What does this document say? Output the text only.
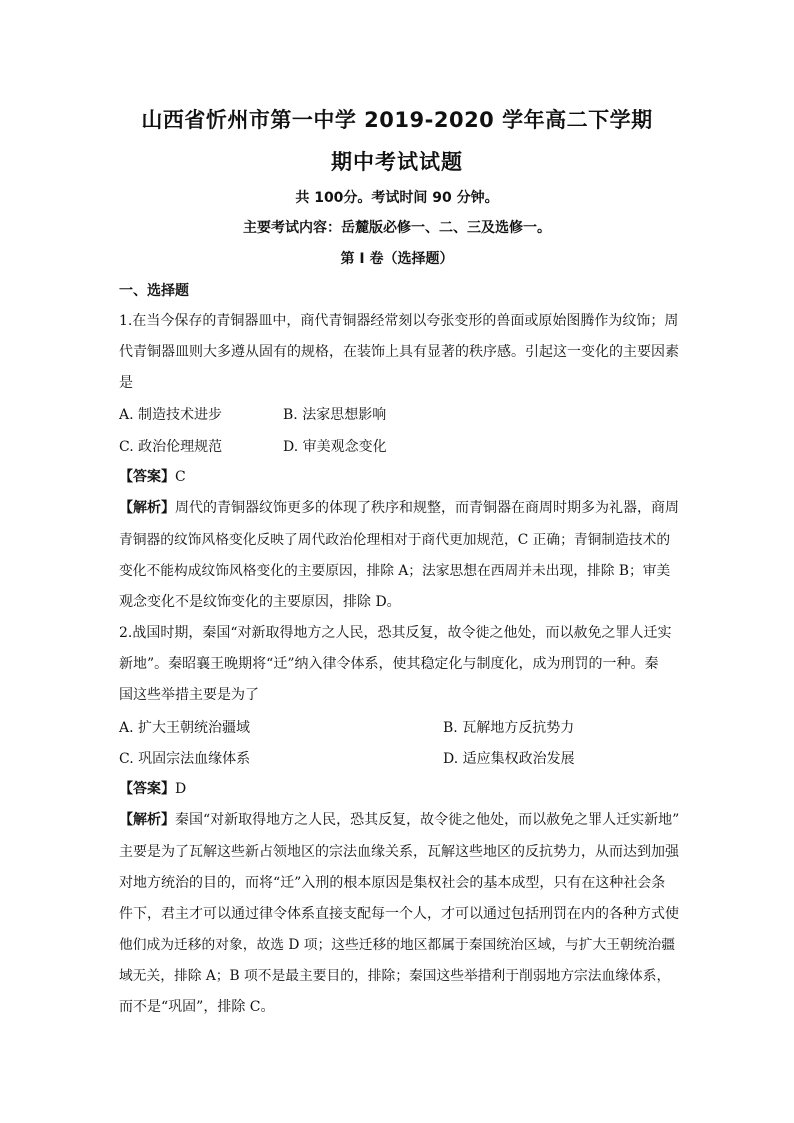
山西省忻州市第一中学 2019-2020 学年高二下学期
期中考试试题
共 100分。考试时间 90 分钟。
主要考试内容：岳麓版必修一、二、三及选修一。
第 I 卷（选择题）
一、选择题
1.在当今保存的青铜器皿中，商代青铜器经常刻以夸张变形的兽面或原始图腾作为纹饰；周
代青铜器皿则大多遵从固有的规格，在装饰上具有显著的秩序感。引起这一变化的主要因素
是
A. 制造技术进步	B. 法家思想影响
C. 政治伦理规范	D. 审美观念变化
【答案】C
【解析】周代的青铜器纹饰更多的体现了秩序和规整，而青铜器在商周时期多为礼器，商周
青铜器的纹饰风格变化反映了周代政治伦理相对于商代更加规范，C 正确；青铜制造技术的
变化不能构成纹饰风格变化的主要原因，排除 A；法家思想在西周并未出现，排除 B；审美
观念变化不是纹饰变化的主要原因，排除 D。
2.战国时期，秦国“对新取得地方之人民，恐其反复，故令徙之他处，而以赦免之罪人迁实
新地”。秦昭襄王晚期将“迁”纳入律令体系，使其稳定化与制度化，成为刑罚的一种。秦
国这些举措主要是为了
A. 扩大王朝统治疆域	B. 瓦解地方反抗势力
C. 巩固宗法血缘体系	D. 适应集权政治发展
【答案】D
【解析】秦国“对新取得地方之人民，恐其反复，故令徙之他处，而以赦免之罪人迁实新地”
主要是为了瓦解这些新占领地区的宗法血缘关系，瓦解这些地区的反抗势力，从而达到加强
对地方统治的目的，而将“迁”入刑的根本原因是集权社会的基本成型，只有在这种社会条
件下，君主才可以通过律令体系直接支配每一个人，才可以通过包括刑罚在内的各种方式使
他们成为迁移的对象，故选 D 项；这些迁移的地区都属于秦国统治区域，与扩大王朝统治疆
域无关，排除 A；B 项不是最主要目的，排除；秦国这些举措利于削弱地方宗法血缘体系，
而不是“巩固”，排除 C。
